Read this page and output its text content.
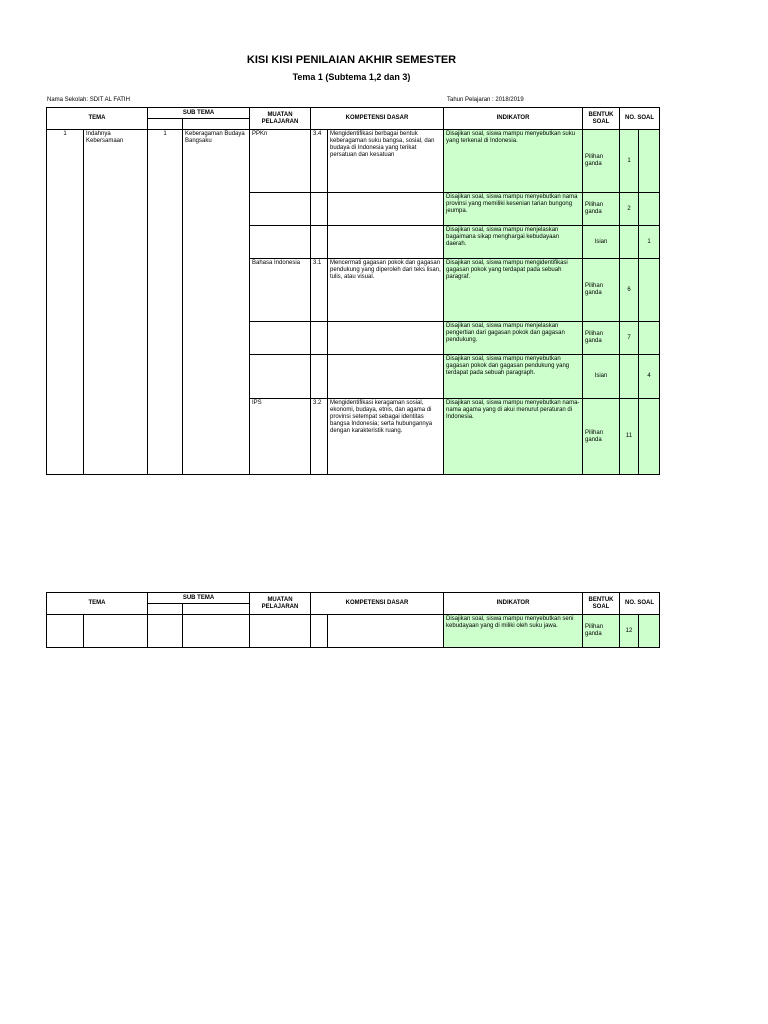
KISI KISI PENILAIAN AKHIR SEMESTER
Tema 1 (Subtema 1,2 dan 3)
Nama Sekolah: SDIT AL FATIH	Tahun Pelajaran : 2018/2019
TEMA		SUB TEMA		MUATAN PELAJARAN	KOMPETENSI DASAR		INDIKATOR	BENTUK SOAL	NO. SOAL	

1	Indahnya Kebersamaan	1	Keberagaman Budaya Bangsaku	PPKn	3.4	Mengidentifikasi berbagai bentuk keberagaman suku bangsa, sosial, dan budaya di Indonesia yang terikat persatuan dan kesatuan	Disajikan soal, siswa mampu menyebutkan suku yang terkenal di Indonesia.	Pilihan ganda	1	
							Disajikan soal, siswa mampu menyebutkan nama provinsi yang memiliki kesenian tarian bungong jeumpa.	Pilihan ganda	2	
							Disajikan soal, siswa mampu menjelaskan bagaimana sikap menghargai kebudayaan daerah.	Isian		1
				Bahasa Indonesia	3.1	Mencermati gagasan pokok dan gagasan pendukung yang diperoleh dari teks lisan, tulis, atau visual.	Disajikan soal, siswa mampu mengidentifikasi gagasan pokok yang terdapat pada sebuah paragraf.	Pilihan ganda	6	
							Disajikan soal, siswa mampu menjelaskan pengertian dari gagasan pokok dan gagasan pendukung.	Pilihan ganda	7	
							Disajikan soal, siswa mampu menyebutkan gagasan pokok dan gagasan pendukung yang terdapat pada sebuah paragraph.	Isian		4
				IPS	3.2	Mengidentifikasi keragaman sosial, ekonomi, budaya, etnis, dan agama di provinsi setempat sebagai identitas bangsa Indonesia; serta hubungannya dengan karakteristik ruang.	Disajikan soal, siswa mampu menyebutkan nama- nama agama yang di akui menurut peraturan di Indonesia.	Pilihan ganda	11	
TEMA		SUB TEMA		MUATAN PELAJARAN	KOMPETENSI DASAR		INDIKATOR	BENTUK SOAL	NO. SOAL	

							Disajikan soal, siswa mampu menyebutkan seni kebudayaan yang di miliki oleh suku jawa.	Pilihan ganda	12	
